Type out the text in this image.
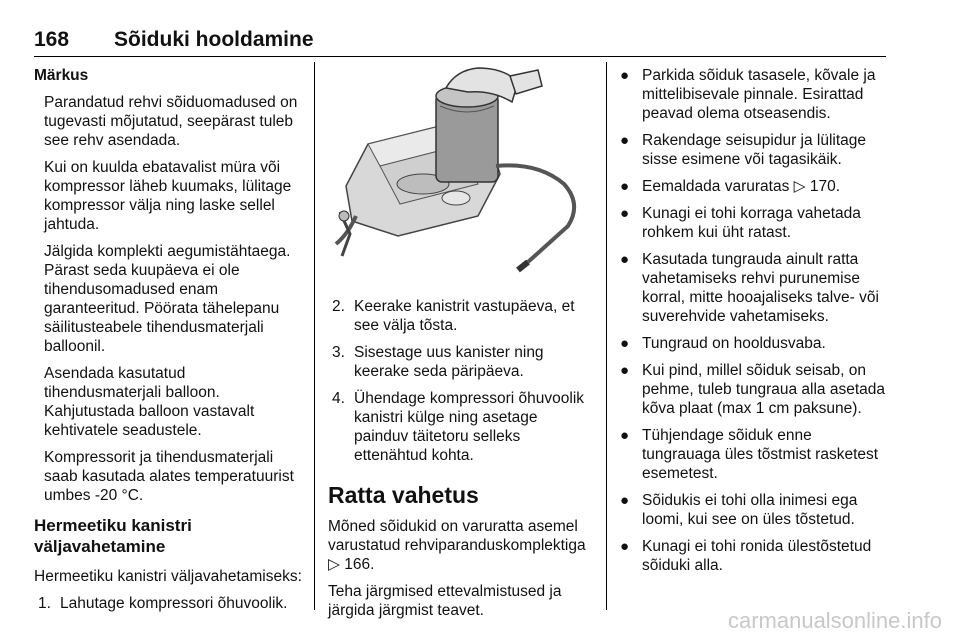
168 Sõiduki hooldamine

Märkus

Parandatud rehvi sõiduomadused on tugevasti mõjutatud, seepärast tuleb see rehv asendada.

Kui on kuulda ebatavalist müra või kompressor läheb kuumaks, lülitage kompressor välja ning laske sellel jahtuda.

Jälgida komplekti aegumistähtaega. Pärast seda kuupäeva ei ole tihendusomadused enam garanteeritud. Pöörata tähelepanu säilitusteabele tihendusmaterjali balloonil.

Asendada kasutatud tihendusmaterjali balloon. Kahjutustada balloon vastavalt kehtivatele seadustele.

Kompressorit ja tihendusmaterjali saab kasutada alates temperatuurist umbes -20 °C.

Hermeetiku kanistri väljavahetamine

Hermeetiku kanistri väljavahetamiseks:

1. Lahutage kompressori õhuvoolik.
2. Keerake kanistrit vastupäeva, et see välja tõsta.
3. Sisestage uus kanister ning keerake seda päripäeva.
4. Ühendage kompressori õhuvoolik kanistri külge ning asetage painduv täitetoru selleks ettenähtud kohta.
Ratta vahetus

Mõned sõidukid on varuratta asemel varustatud rehviparanduskomplektiga ▷ 166.

Teha järgmised ettevalmistused ja järgida järgmist teavet.

● Parkida sõiduk tasasele, kõvale ja mittelibisevale pinnale. Esirattad peavad olema otseasendis.
● Rakendage seisupidur ja lülitage sisse esimene või tagasikäik.
● Eemaldada varuratas ▷ 170.
● Kunagi ei tohi korraga vahetada rohkem kui üht ratast.
● Kasutada tungrauda ainult ratta vahetamiseks rehvi purunemise korral, mitte hooajaliseks talve- või suverehvide vahetamiseks.
● Tungraud on hooldusvaba.
● Kui pind, millel sõiduk seisab, on pehme, tuleb tungraua alla asetada kõva plaat (max 1 cm paksune).
● Tühjendage sõiduk enne tungrauaga üles tõstmist rasketest esemetest.
● Sõidukis ei tohi olla inimesi ega loomi, kui see on üles tõstetud.
● Kunagi ei tohi ronida ülestõstetud sõiduki alla.
carmanualsonline.info
